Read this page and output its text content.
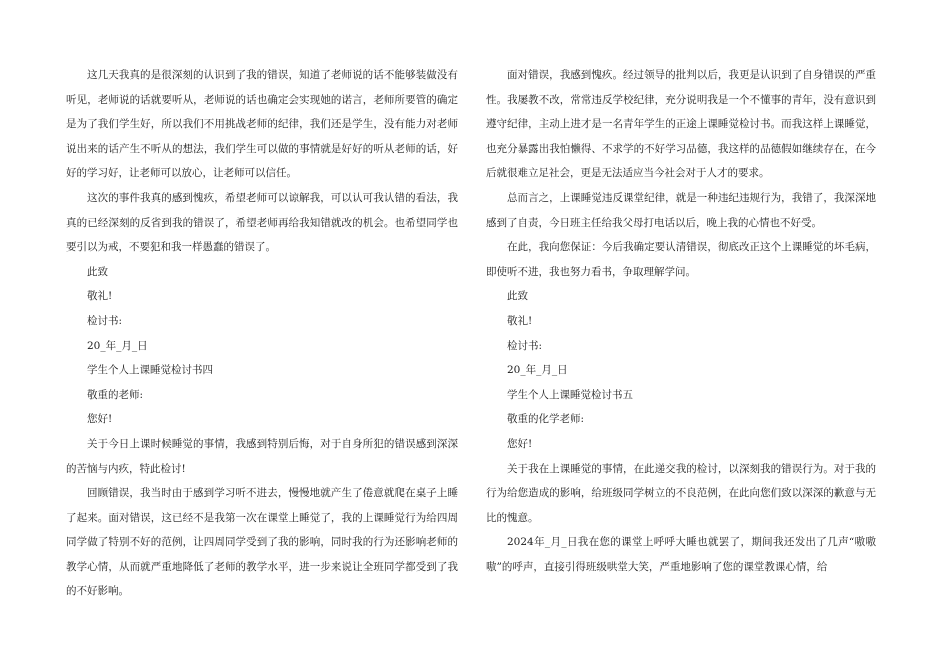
这几天我真的是很深刻的认识到了我的错误，知道了老师说的话不能够装做没有听见，老师说的话就要听从，老师说的话也确定会实现她的诺言，老师所要管的确定是为了我们学生好，所以我们不用挑战老师的纪律，我们还是学生，没有能力对老师说出来的话产生不听从的想法，我们学生可以做的事情就是好好的听从老师的话，好好的学习好，让老师可以放心，让老师可以信任。

这次的事件我真的感到愧疚，希望老师可以谅解我，可以认可我认错的看法，我真的已经深刻的反省到我的错误了，希望老师再给我知错就改的机会。也希望同学也要引以为戒，不要犯和我一样愚蠢的错误了。

此致

敬礼!

检讨书:

20_年_月_日

学生个人上课睡觉检讨书四

敬重的老师:

您好!

关于今日上课时候睡觉的事情，我感到特别后悔，对于自身所犯的错误感到深深的苦恼与内疚，特此检讨!

回顾错误，我当时由于感到学习听不进去，慢慢地就产生了倦意就爬在桌子上睡了起来。面对错误，这已经不是我第一次在课堂上睡觉了，我的上课睡觉行为给四周同学做了特别不好的范例，让四周同学受到了我的影响，同时我的行为还影响老师的教学心情，从而就严重地降低了老师的教学水平，进一步来说让全班同学都受到了我的不好影响。

面对错误，我感到愧疚。经过领导的批判以后，我更是认识到了自身错误的严重性。我屡教不改，常常违反学校纪律，充分说明我是一个不懂事的青年，没有意识到遵守纪律，主动上进才是一名青年学生的正途上课睡觉检讨书。而我这样上课睡觉，也充分暴露出我怕懒得、不求学的不好学习品德，我这样的品德假如继续存在，在今后就很难立足社会，更是无法适应当今社会对于人才的要求。

总而言之，上课睡觉违反课堂纪律，就是一种违纪违规行为，我错了，我深深地感到了自责，今日班主任给我父母打电话以后，晚上我的心情也不好受。

在此，我向您保证：今后我确定要认清错误，彻底改正这个上课睡觉的坏毛病，即使听不进，我也努力看书，争取理解学问。

此致

敬礼!

检讨书:

20_年_月_日

学生个人上课睡觉检讨书五

敬重的化学老师:

您好!

关于我在上课睡觉的事情，在此递交我的检讨，以深刻我的错误行为。对于我的行为给您造成的影响，给班级同学树立的不良范例，在此向您们致以深深的歉意与无比的愧意。

2024年_月_日我在您的课堂上呼呼大睡也就罢了，期间我还发出了几声“嗷嗷嗷”的呼声，直接引得班级哄堂大笑，严重地影响了您的课堂教课心情，给
